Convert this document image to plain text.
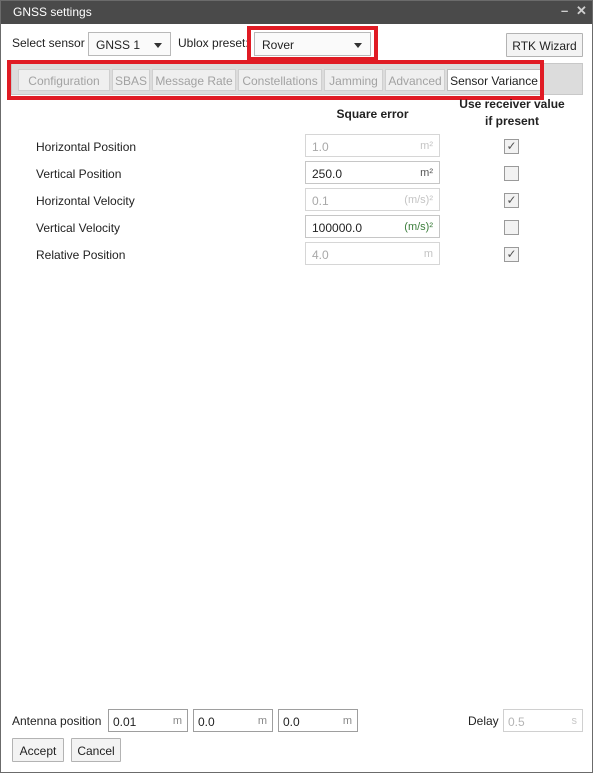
GNSS settings	– ✕
Select sensor GNSS 1	Ublox preset:	Rover	RTK Wizard
Configuration	SBAS Message Rate Constellations Jamming Advanced Sensor Variance
Square error
Use receiver value
if present
Horizontal Position	1.0	m²	✓
Vertical Position	250.0	m²
Horizontal Velocity	0.1	(m/s)²	✓
Vertical Velocity	100000.0	(m/s)²
Relative Position	4.0	m	✓
Antenna position 0.01	m	0.0	m	0.0	m	Delay 0.5	s
Accept	Cancel
